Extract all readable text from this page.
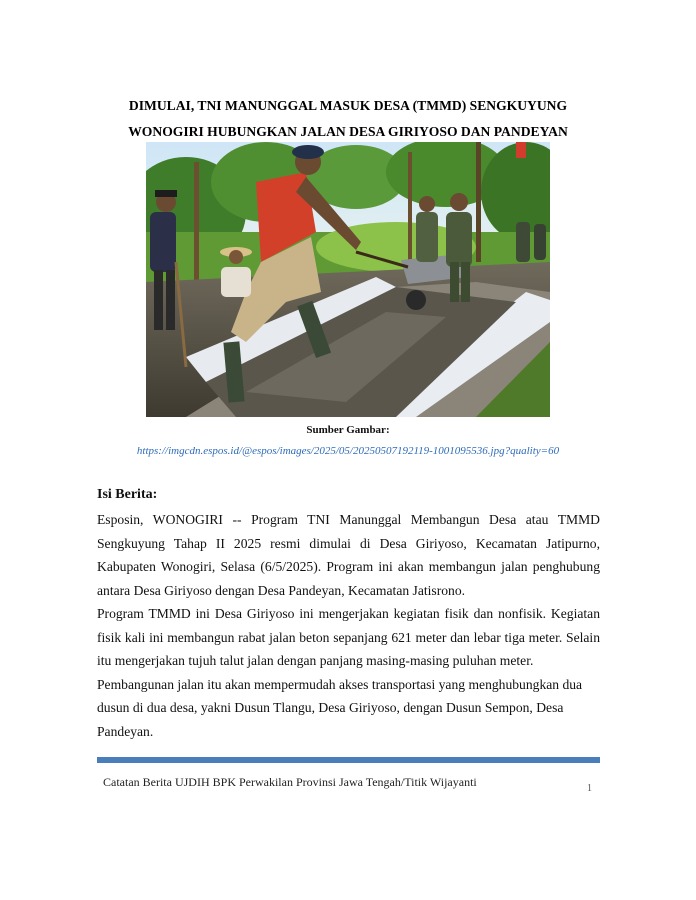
DIMULAI, TNI MANUNGGAL MASUK DESA (TMMD) SENGKUYUNG
WONOGIRI HUBUNGKAN JALAN DESA GIRIYOSO DAN PANDEYAN
Sumber Gambar:
https://imgcdn.espos.id/@espos/images/2025/05/20250507192119-1001095536.jpg?quality=60
Isi Berita:

Esposin, WONOGIRI -- Program TNI Manunggal Membangun Desa atau TMMD Sengkuyung Tahap II 2025 resmi dimulai di Desa Giriyoso, Kecamatan Jatipurno, Kabupaten Wonogiri, Selasa (6/5/2025). Program ini akan membangun jalan penghubung antara Desa Giriyoso dengan Desa Pandeyan, Kecamatan Jatisrono.

Program TMMD ini Desa Giriyoso ini mengerjakan kegiatan fisik dan nonfisik. Kegiatan fisik kali ini membangun rabat jalan beton sepanjang 621 meter dan lebar tiga meter. Selain itu mengerjakan tujuh talut jalan dengan panjang masing-masing puluhan meter.

Pembangunan jalan itu akan mempermudah akses transportasi yang menghubungkan dua dusun di dua desa, yakni Dusun Tlangu, Desa Giriyoso, dengan Dusun Sempon, Desa Pandeyan.

Catatan Berita UJDIH BPK Perwakilan Provinsi Jawa Tengah/Titik Wijayanti	1
